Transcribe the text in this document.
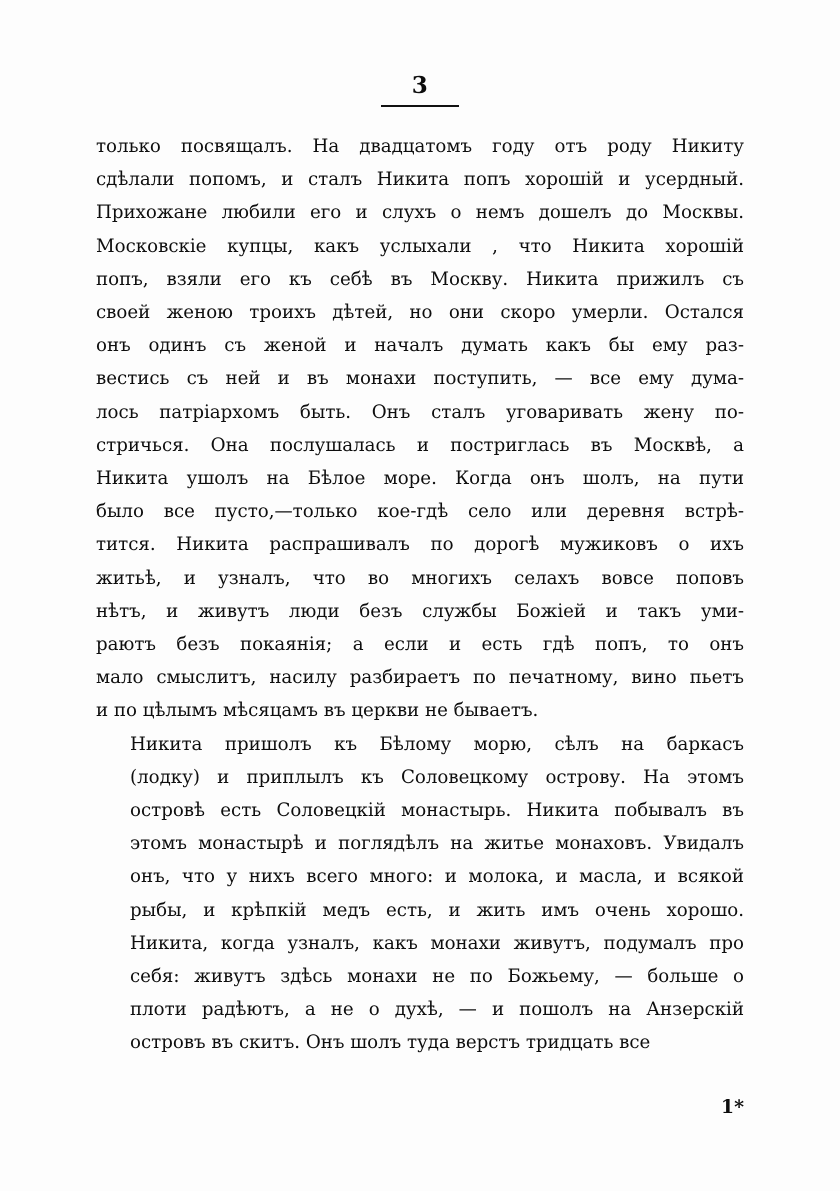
3
только посвящалъ. На двадцатомъ году отъ роду Никиту
сдѣлали попомъ, и сталъ Никита попъ хорошій и усердный.
Прихожане любили его и слухъ о немъ дошелъ до Москвы.
Московскіе купцы, какъ услыхали , что Никита хорошій
попъ, взяли его къ себѣ въ Москву. Никита прижилъ съ
своей женою троихъ дѣтей, но они скоро умерли. Остался
онъ одинъ съ женой и началъ думать какъ бы ему раз-
вестись съ ней и въ монахи поступить, — все ему дума-
лось патріархомъ быть. Онъ сталъ уговаривать жену по-
стричься. Она послушалась и постриглась въ Москвѣ, а
Никита ушолъ на Бѣлое море. Когда онъ шолъ, на пути
было все пусто,—только кое-гдѣ село или деревня встрѣ-
тится. Никита распрашивалъ по дорогѣ мужиковъ о ихъ
житьѣ, и узналъ, что во многихъ селахъ вовсе поповъ
нѣтъ, и живутъ люди безъ службы Божіей и такъ уми-
раютъ безъ покаянія; а если и есть гдѣ попъ, то онъ
мало смыслитъ, насилу разбираетъ по печатному, вино пьетъ
и по цѣлымъ мѣсяцамъ въ церкви не бываетъ.
Никита пришолъ къ Бѣлому морю, сѣлъ на баркасъ
(лодку) и приплылъ къ Соловецкому острову. На этомъ
островѣ есть Соловецкій монастырь. Никита побывалъ въ
этомъ монастырѣ и поглядѣлъ на житье монаховъ. Увидалъ
онъ, что у нихъ всего много: и молока, и масла, и всякой
рыбы, и крѣпкій медъ есть, и жить имъ очень хорошо.
Никита, когда узналъ, какъ монахи живутъ, подумалъ про
себя: живутъ здѣсь монахи не по Божьему, — больше о
плоти радѣютъ, а не о духѣ, — и пошолъ на Анзерскій
островъ въ скитъ. Онъ шолъ туда верстъ тридцать все
1*
